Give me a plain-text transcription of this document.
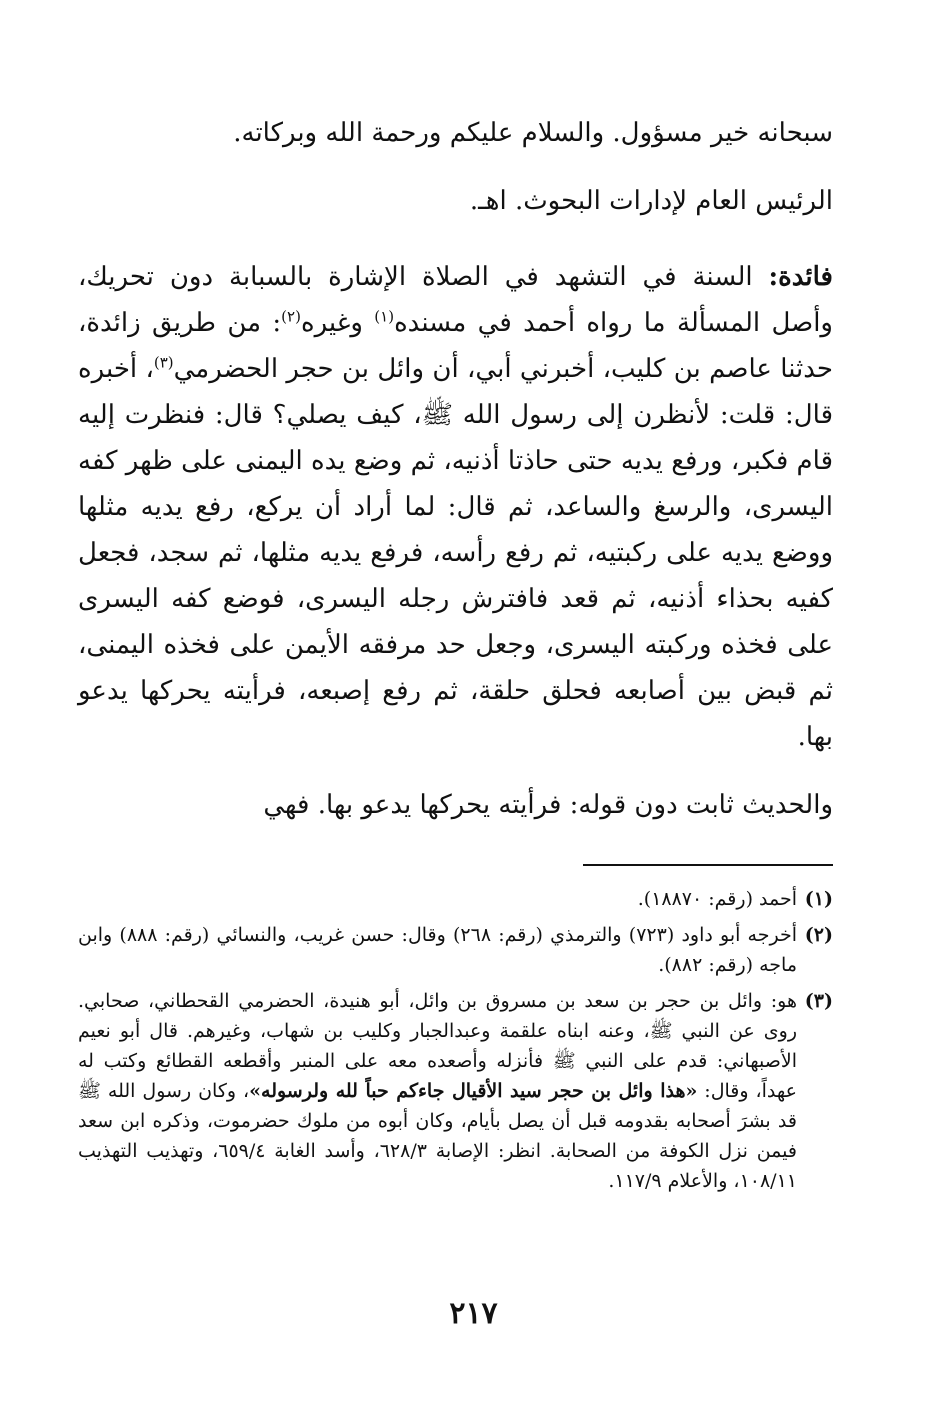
سبحانه خير مسؤول. والسلام عليكم ورحمة الله وبركاته.

الرئيس العام لإدارات البحوث. اهـ.

فائدة: السنة في التشهد في الصلاة الإشارة بالسبابة دون تحريك، وأصل المسألة ما رواه أحمد في مسنده$^{(١)}$ وغيره$^{(٢)}$: من طريق زائدة، حدثنا عاصم بن كليب، أخبرني أبي، أن وائل بن حجر الحضرمي$^{(٣)}$، أخبره قال: قلت: لأنظرن إلى رسول الله ﷺ، كيف يصلي؟ قال: فنظرت إليه قام فكبر، ورفع يديه حتى حاذتا أذنيه، ثم وضع يده اليمنى على ظهر كفه اليسرى، والرسغ والساعد، ثم قال: لما أراد أن يركع، رفع يديه مثلها ووضع يديه على ركبتيه، ثم رفع رأسه، فرفع يديه مثلها، ثم سجد، فجعل كفيه بحذاء أذنيه، ثم قعد فافترش رجله اليسرى، فوضع كفه اليسرى على فخذه وركبته اليسرى، وجعل حد مرفقه الأيمن على فخذه اليمنى، ثم قبض بين أصابعه فحلق حلقة، ثم رفع إصبعه، فرأيته يحركها يدعو بها.

والحديث ثابت دون قوله: فرأيته يحركها يدعو بها. فهي

(١)
أحمد (رقم: ١٨٨٧٠).
(٢)
أخرجه أبو داود (٧٢٣) والترمذي (رقم: ٢٦٨) وقال: حسن غريب، والنسائي (رقم: ٨٨٨) وابن ماجه (رقم: ٨٨٢).
(٣)
هو: وائل بن حجر بن سعد بن مسروق بن وائل، أبو هنيدة، الحضرمي القحطاني، صحابي. روى عن النبي ﷺ، وعنه ابناه علقمة وعبدالجبار وكليب بن شهاب، وغيرهم. قال أبو نعيم الأصبهاني: قدم على النبي ﷺ فأنزله وأصعده معه على المنبر وأقطعه القطائع وكتب له عهداً، وقال: «هذا وائل بن حجر سيد الأقيال جاءكم حباً لله ولرسوله»، وكان رسول الله ﷺ قد بشرَ أصحابه بقدومه قبل أن يصل بأيام، وكان أبوه من ملوك حضرموت، وذكره ابن سعد فيمن نزل الكوفة من الصحابة. انظر: الإصابة ٦٢٨/٣، وأسد الغابة ٦٥٩/٤، وتهذيب التهذيب ١٠٨/١١، والأعلام ١١٧/٩.
٢١٧
